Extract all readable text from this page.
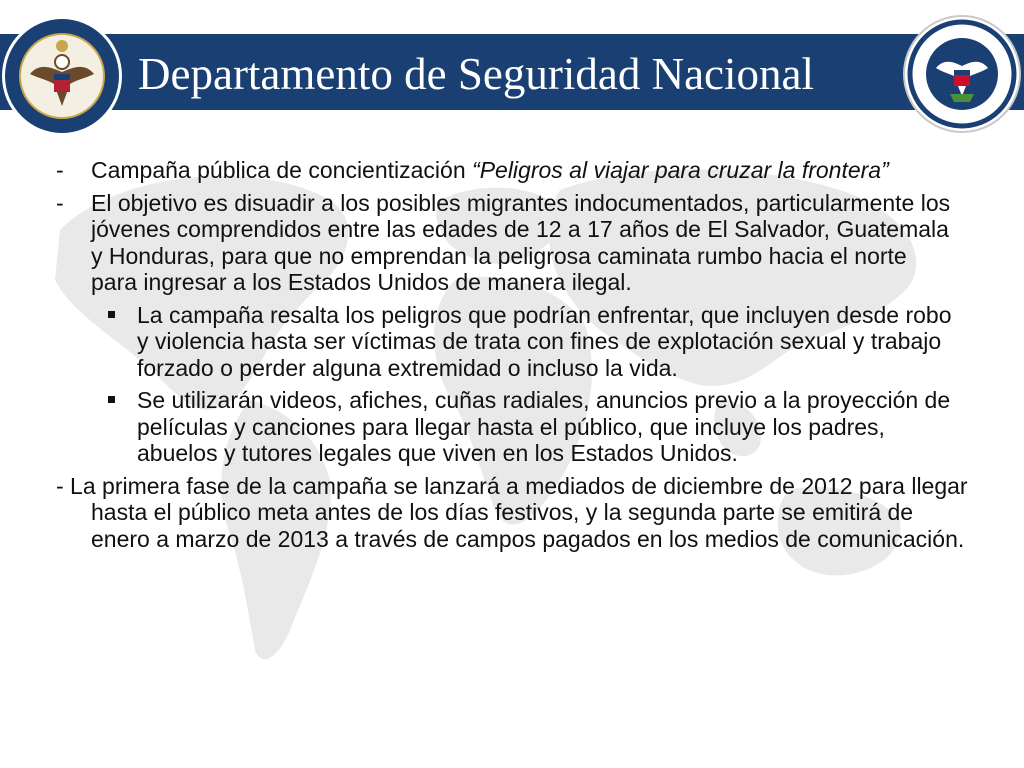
Departamento de Seguridad Nacional
- Campaña pública de concientización “Peligros al viajar para cruzar la frontera”
- El objetivo es disuadir a los posibles migrantes indocumentados, particularmente los jóvenes comprendidos entre las edades de 12 a 17 años de El Salvador, Guatemala y Honduras, para que no emprendan la peligrosa caminata rumbo hacia el norte para ingresar a los Estados Unidos de manera ilegal.
La campaña resalta los peligros que podrían enfrentar, que incluyen desde robo y violencia hasta ser víctimas de trata con fines de explotación sexual y trabajo forzado o perder alguna extremidad o incluso la vida.
Se utilizarán videos, afiches, cuñas radiales, anuncios previo a la proyección de películas y canciones para llegar hasta el público, que incluye los padres, abuelos y tutores legales que viven en los Estados Unidos.
- La primera fase de la campaña se lanzará a mediados de diciembre de 2012 para llegar hasta el público meta antes de los días festivos, y la segunda parte se emitirá de enero a marzo de 2013 a través de campos pagados en los medios de comunicación.
